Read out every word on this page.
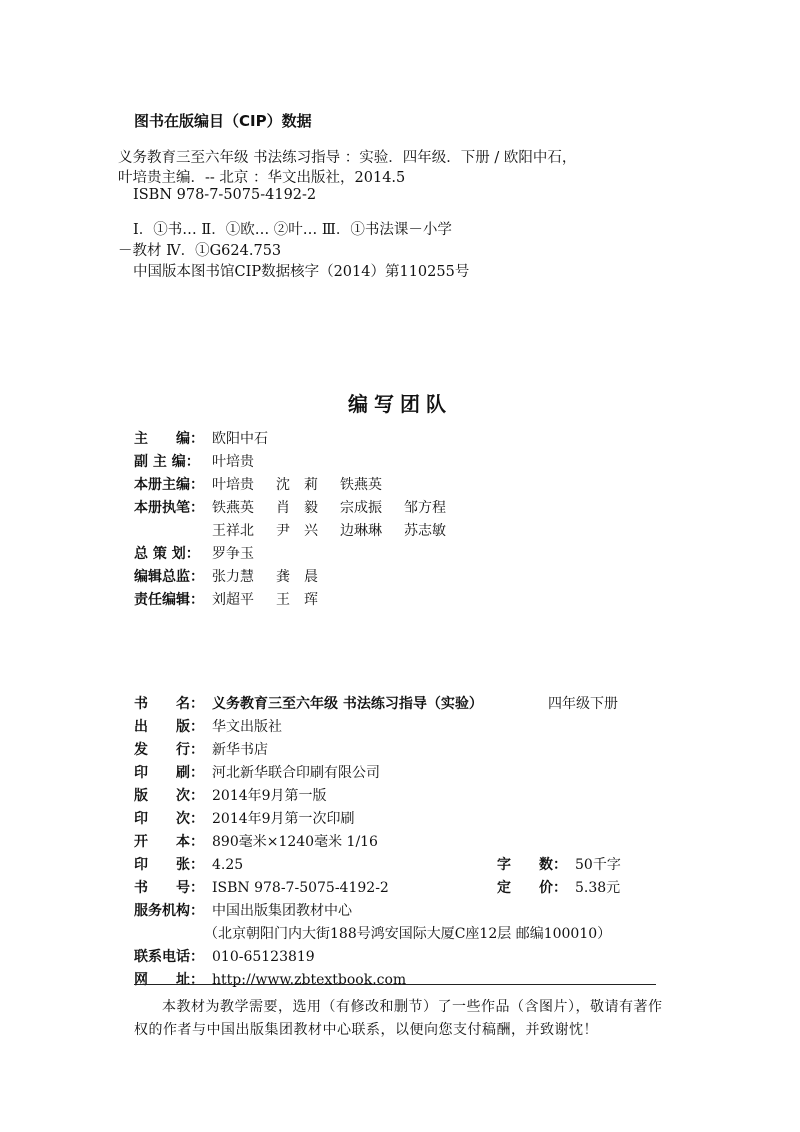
图书在版编目（CIP）数据
义务教育三至六年级 书法练习指导 ：实验．四年级．下册 / 欧阳中石，
叶培贵主编．-- 北京 ：华文出版社，2014.5
ISBN 978-7-5075-4192-2
Ⅰ．①书… Ⅱ．①欧… ②叶… Ⅲ．①书法课－小学
－教材 Ⅳ．①G624.753
中国版本图书馆CIP数据核字（2014）第110255号
编写团队
主　　编： 欧阳中石
副 主 编： 叶培贵
本册主编： 叶培贵 沈　莉 铁燕英
本册执笔： 铁燕英 肖　毅 宗成振 邹方程
王祥北 尹　兴 边琳琳 苏志敏
总 策 划： 罗争玉
编辑总监： 张力慧 龚　晨
责任编辑： 刘超平 王　珲
书　　名： 义务教育三至六年级 书法练习指导（实验）	四年级下册
出　　版： 华文出版社
发　　行： 新华书店
印　　刷： 河北新华联合印刷有限公司
版　　次： 2014年9月第一版
印　　次： 2014年9月第一次印刷
开　　本： 890毫米×1240毫米 1/16
印　　张： 4.25	字　　数： 50千字
书　　号： ISBN 978-7-5075-4192-2	定　　价： 5.38元
服务机构： 中国出版集团教材中心
（北京朝阳门内大街188号鸿安国际大厦C座12层 邮编100010）
联系电话： 010-65123819
网　　址： http://www.zbtextbook.com
本教材为教学需要，选用（有修改和删节）了一些作品（含图片），敬请有著作权的作者与中国出版集团教材中心联系，以便向您支付稿酬，并致谢忱！
